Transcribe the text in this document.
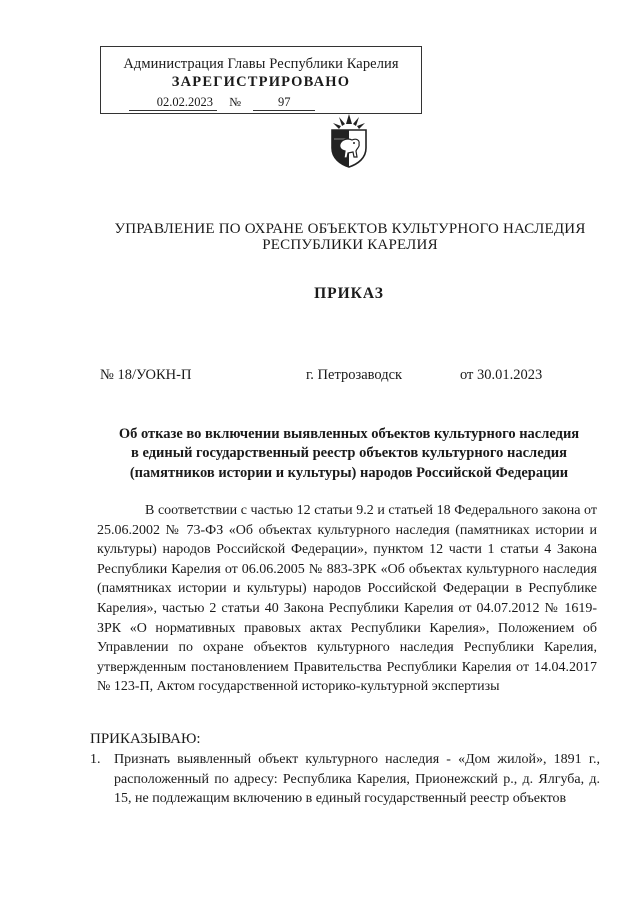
Администрация Главы Республики Карелия
ЗАРЕГИСТРИРОВАНО
02.02.2023 №	97
УПРАВЛЕНИЕ ПО ОХРАНЕ ОБЪЕКТОВ КУЛЬТУРНОГО НАСЛЕДИЯ
РЕСПУБЛИКИ КАРЕЛИЯ
ПРИКАЗ
№ 18/УОКН-П	г. Петрозаводск	от 30.01.2023
Об отказе во включении выявленных объектов культурного наследия
в единый государственный реестр объектов культурного наследия
(памятников истории и культуры) народов Российской Федерации

В соответствии с частью 12 статьи 9.2 и статьей 18 Федерального закона от 25.06.2002 № 73-ФЗ «Об объектах культурного наследия (памятниках истории и культуры) народов Российской Федерации», пунктом 12 части 1 статьи 4 Закона Республики Карелия от 06.06.2005 № 883-ЗРК «Об объектах культурного наследия (памятниках истории и культуры) народов Российской Федерации в Республике Карелия», частью 2 статьи 40 Закона Республики Карелия от 04.07.2012 № 1619-ЗРК «О нормативных правовых актах Республики Карелия», Положением об Управлении по охране объектов культурного наследия Республики Карелия, утвержденным постановлением Правительства Республики Карелия от 14.04.2017 № 123-П, Актом государственной историко-культурной экспертизы

ПРИКАЗЫВАЮ:
1. Признать выявленный объект культурного наследия - «Дом жилой», 1891 г., расположенный по адресу: Республика Карелия, Прионежский р., д. Ялгуба, д. 15, не подлежащим включению в единый государственный реестр объектов
